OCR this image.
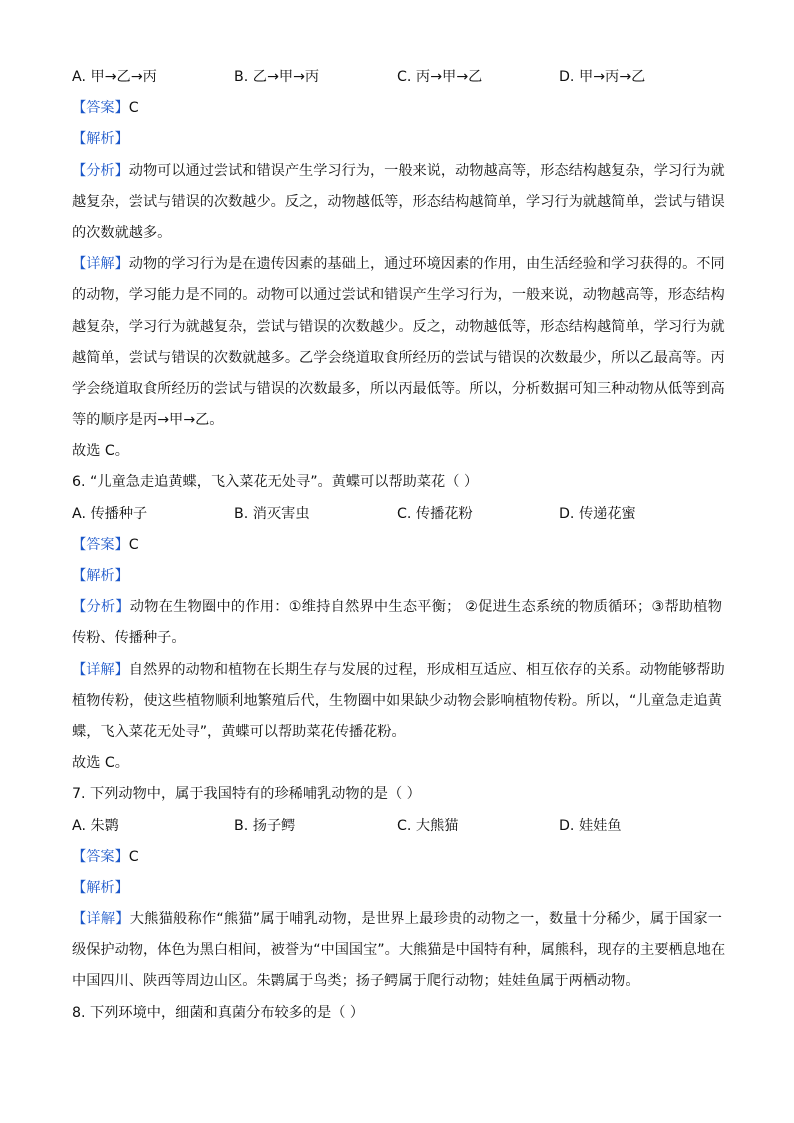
A. 甲→乙→丙	B. 乙→甲→丙	C. 丙→甲→乙	D. 甲→丙→乙
【答案】C
【解析】
【分析】动物可以通过尝试和错误产生学习行为，一般来说，动物越高等，形态结构越复杂，学习行为就
越复杂，尝试与错误的次数越少。反之，动物越低等，形态结构越简单，学习行为就越简单，尝试与错误
的次数就越多。
【详解】动物的学习行为是在遗传因素的基础上，通过环境因素的作用，由生活经验和学习获得的。不同
的动物，学习能力是不同的。动物可以通过尝试和错误产生学习行为，一般来说，动物越高等，形态结构
越复杂，学习行为就越复杂，尝试与错误的次数越少。反之，动物越低等，形态结构越简单，学习行为就
越简单，尝试与错误的次数就越多。乙学会绕道取食所经历的尝试与错误的次数最少，所以乙最高等。丙
学会绕道取食所经历的尝试与错误的次数最多，所以丙最低等。所以，分析数据可知三种动物从低等到高
等的顺序是丙→甲→乙。
故选 C。
6. “儿童急走追黄蝶，飞入菜花无处寻”。黄蝶可以帮助菜花（ ）
A. 传播种子	B. 消灭害虫	C. 传播花粉	D. 传递花蜜
【答案】C
【解析】
【分析】动物在生物圈中的作用：①维持自然界中生态平衡； ②促进生态系统的物质循环；③帮助植物
传粉、传播种子。
【详解】自然界的动物和植物在长期生存与发展的过程，形成相互适应、相互依存的关系。动物能够帮助
植物传粉，使这些植物顺利地繁殖后代，生物圈中如果缺少动物会影响植物传粉。所以，“儿童急走追黄
蝶，飞入菜花无处寻”，黄蝶可以帮助菜花传播花粉。
故选 C。
7. 下列动物中，属于我国特有的珍稀哺乳动物的是（ ）
A. 朱鹮	B. 扬子鳄	C. 大熊猫	D. 娃娃鱼
【答案】C
【解析】
【详解】大熊猫般称作“熊猫”属于哺乳动物，是世界上最珍贵的动物之一，数量十分稀少，属于国家一
级保护动物，体色为黑白相间，被誉为“中国国宝”。大熊猫是中国特有种，属熊科，现存的主要栖息地在
中国四川、陕西等周边山区。朱鹮属于鸟类；扬子鳄属于爬行动物；娃娃鱼属于两栖动物。
8. 下列环境中，细菌和真菌分布较多的是（ ）
